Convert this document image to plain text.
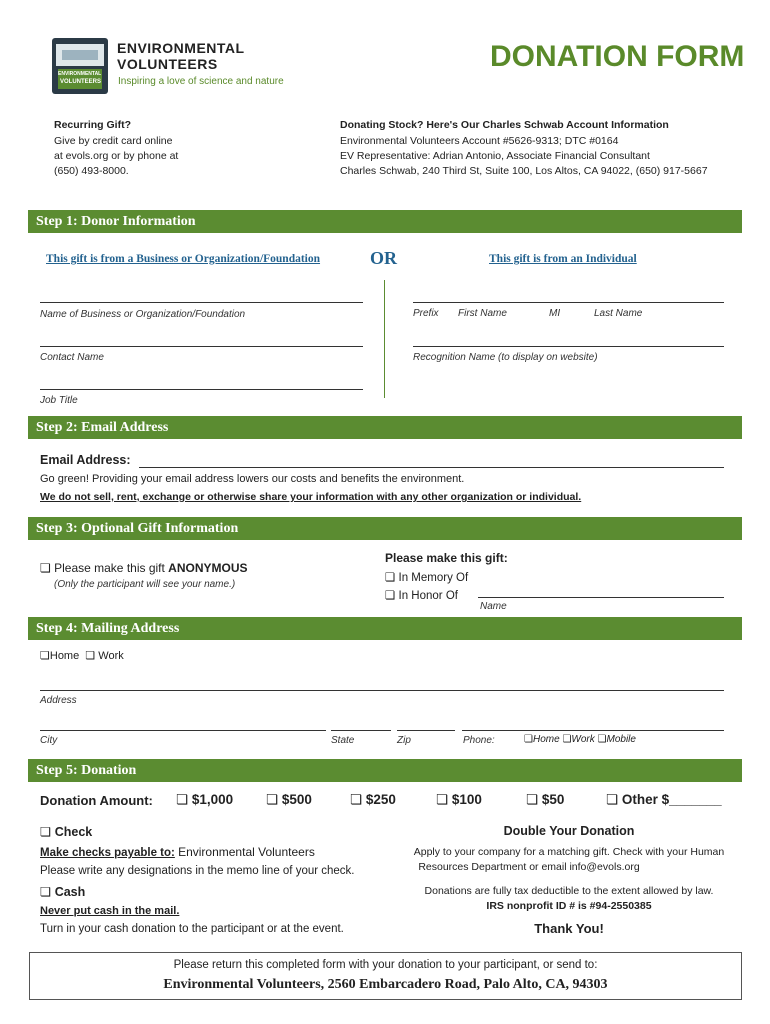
ENVIRONMENTAL
VOLUNTEERS
ENVIRONMENTAL
VOLUNTEERS
Inspiring a love of science and nature
DONATION FORM
Recurring Gift?
Give by credit card online
at evols.org or by phone at
(650) 493-8000.
Donating Stock? Here's Our Charles Schwab Account Information
Environmental Volunteers Account #5626-9313; DTC #0164
EV Representative: Adrian Antonio, Associate Financial Consultant
Charles Schwab, 240 Third St, Suite 100, Los Altos, CA 94022, (650) 917-5667
Step 1: Donor Information
This gift is from a Business or Organization/Foundation	OR	This gift is from an Individual
Name of Business or Organization/Foundation
Contact Name
Job Title
Prefix First Name	MI	Last Name
Recognition Name (to display on website)
Step 2: Email Address
Email Address:
Go green! Providing your email address lowers our costs and benefits the environment.
We do not sell, rent, exchange or otherwise share your information with any other organization or individual.
Step 3: Optional Gift Information
❏ Please make this gift ANONYMOUS
(Only the participant will see your name.)
Please make this gift:
❏ In Memory Of
❏ In Honor Of
Name
Step 4: Mailing Address
❏Home ❏ Work
Address
City	State	Zip	Phone:	❏Home ❏Work ❏Mobile
Step 5: Donation
Donation Amount: ❏ $1,000 ❏ $500	❏ $250	❏ $100	❏ $50	❏ Other $_______
❏ Check
Make checks payable to: Environmental Volunteers
Please write any designations in the memo line of your check.
❏ Cash
Never put cash in the mail.
Turn in your cash donation to the participant or at the event.
Double Your Donation
Apply to your company for a matching gift. Check with your Human
Resources Department or email info@evols.org
Donations are fully tax deductible to the extent allowed by law.
IRS nonprofit ID # is #94-2550385
Thank You!
Please return this completed form with your donation to your participant, or send to:
Environmental Volunteers, 2560 Embarcadero Road, Palo Alto, CA, 94303
